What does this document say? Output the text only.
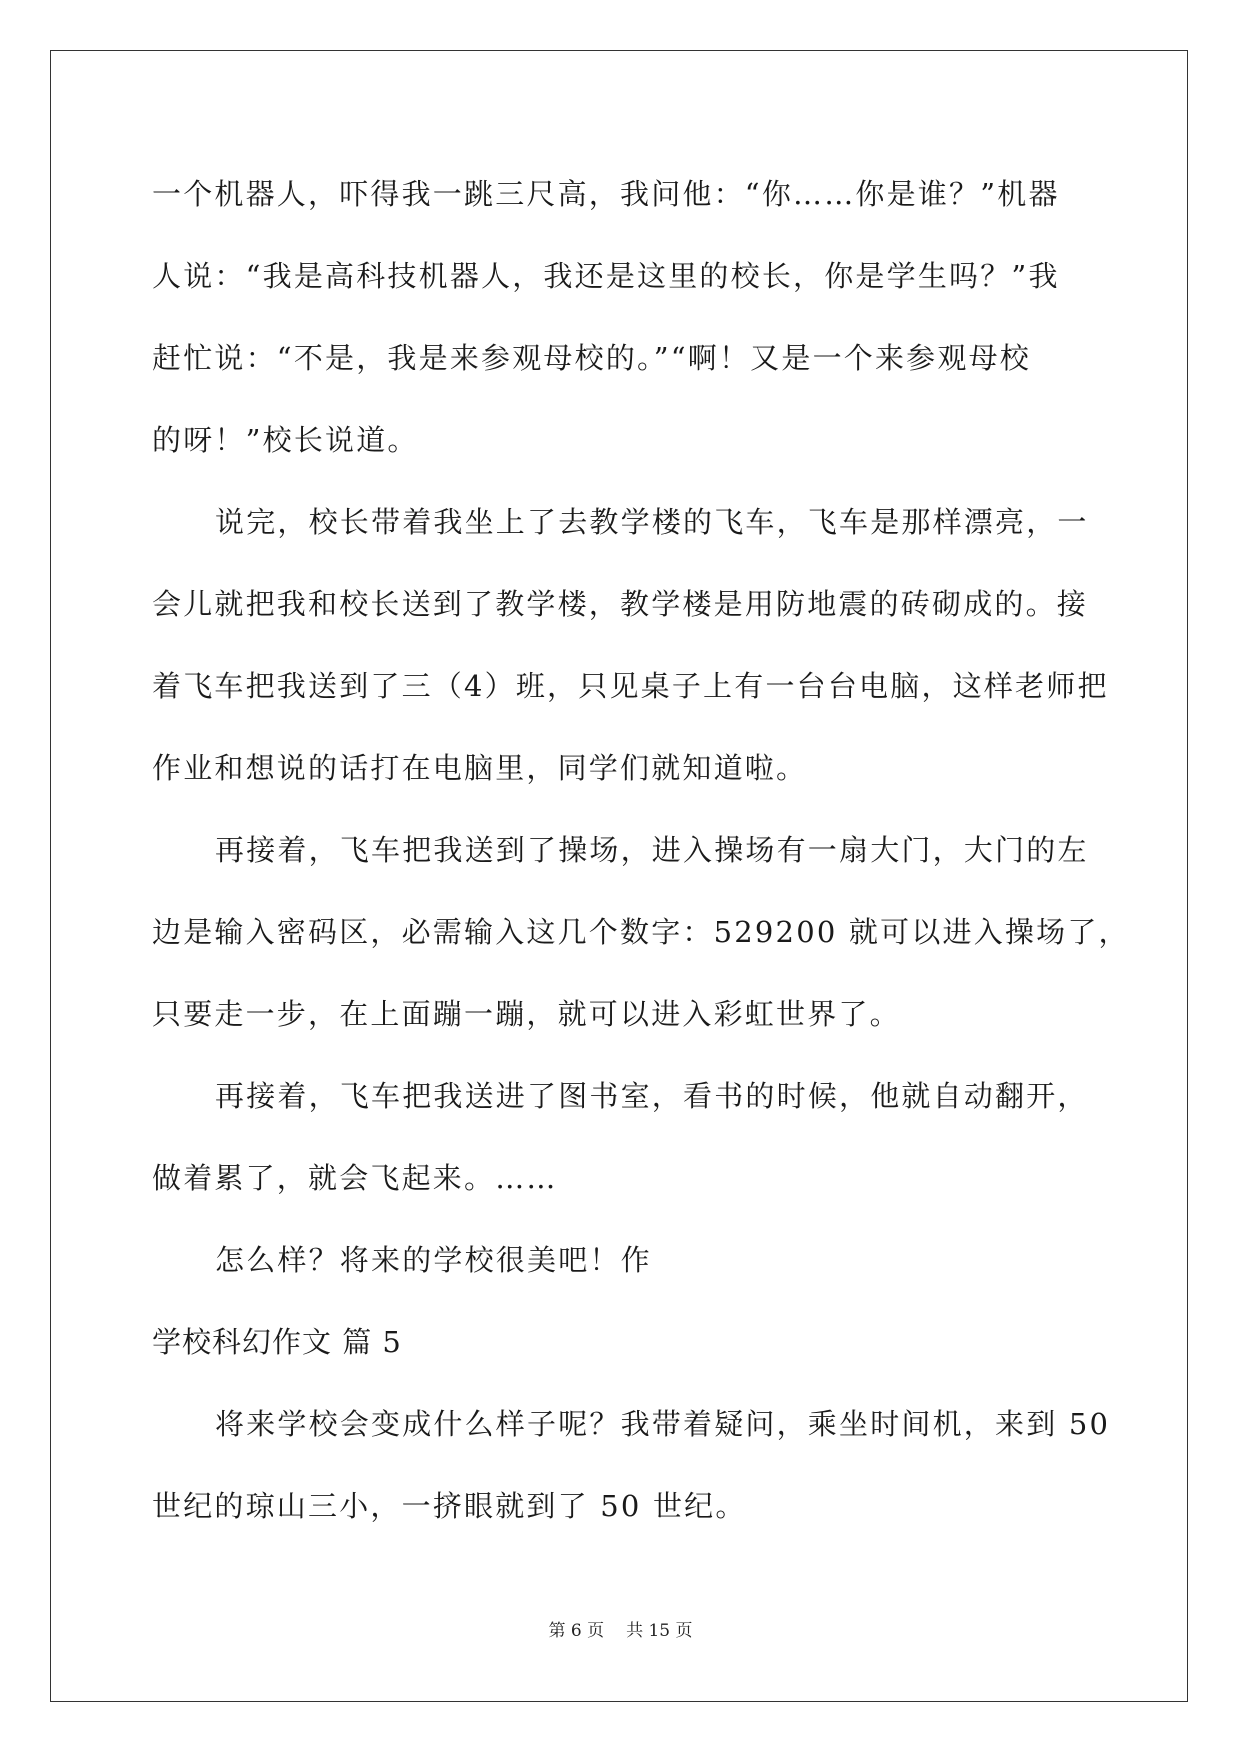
一个机器人，吓得我一跳三尺高，我问他：“你……你是谁？”机器
人说：“我是高科技机器人，我还是这里的校长，你是学生吗？”我
赶忙说：“不是，我是来参观母校的。”“啊！又是一个来参观母校
的呀！”校长说道。
说完，校长带着我坐上了去教学楼的飞车，飞车是那样漂亮，一
会儿就把我和校长送到了教学楼，教学楼是用防地震的砖砌成的。接
着飞车把我送到了三（4）班，只见桌子上有一台台电脑，这样老师把
作业和想说的话打在电脑里，同学们就知道啦。
再接着，飞车把我送到了操场，进入操场有一扇大门，大门的左
边是输入密码区，必需输入这几个数字：529200 就可以进入操场了，
只要走一步，在上面蹦一蹦，就可以进入彩虹世界了。
再接着，飞车把我送进了图书室，看书的时候，他就自动翻开，
做着累了，就会飞起来。……
怎么样？将来的学校很美吧！作
学校科幻作文 篇 5
将来学校会变成什么样子呢？我带着疑问，乘坐时间机，来到 50
世纪的琼山三小，一挤眼就到了 50 世纪。
第 6 页 共 15 页
